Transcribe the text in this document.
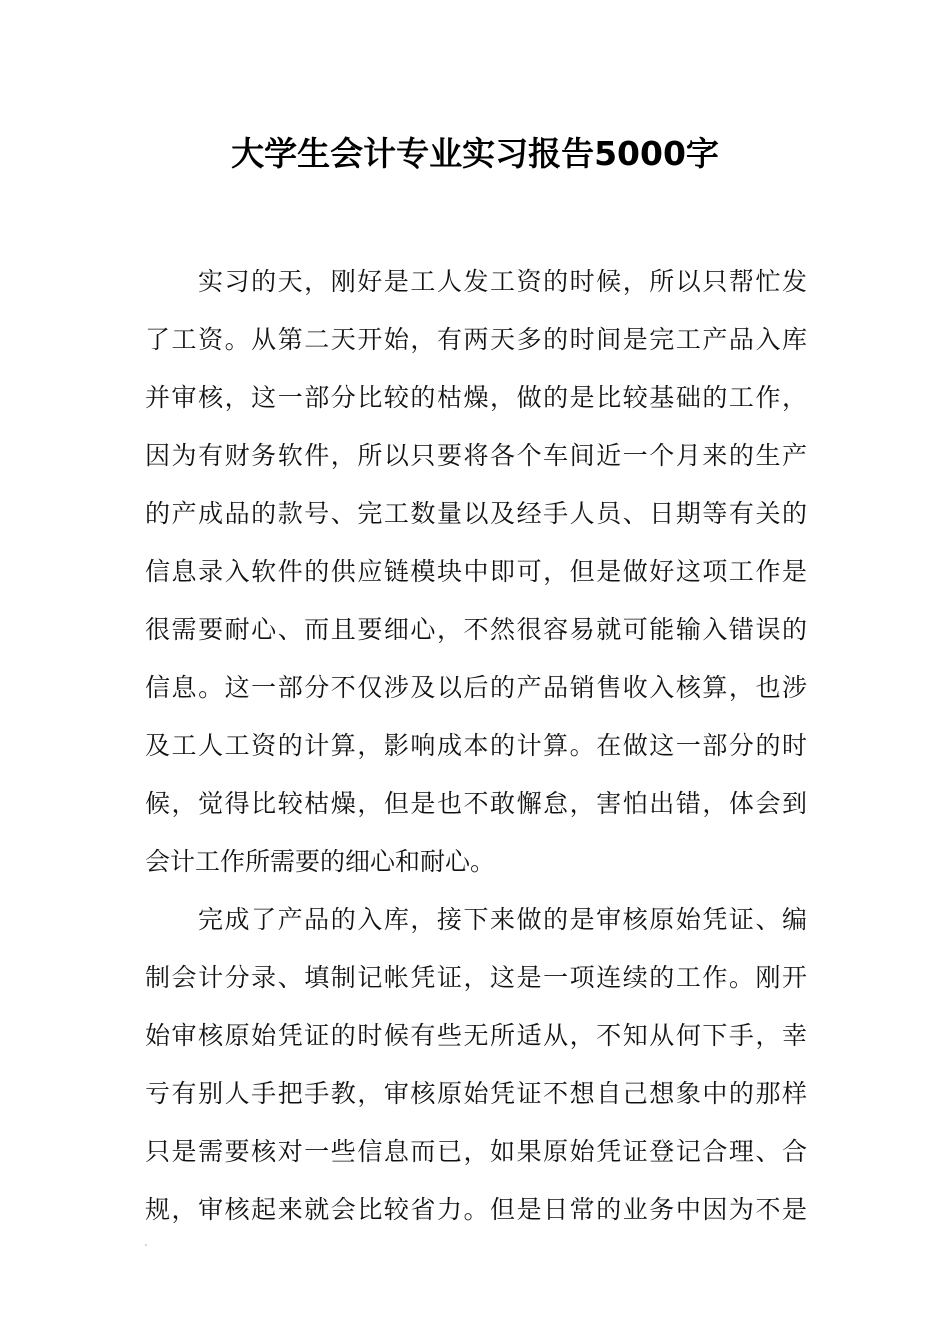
大学生会计专业实习报告5000字
实习的天，刚好是工人发工资的时候，所以只帮忙发
了工资。从第二天开始，有两天多的时间是完工产品入库
并审核，这一部分比较的枯燥，做的是比较基础的工作，
因为有财务软件，所以只要将各个车间近一个月来的生产
的产成品的款号、完工数量以及经手人员、日期等有关的
信息录入软件的供应链模块中即可，但是做好这项工作是
很需要耐心、而且要细心，不然很容易就可能输入错误的
信息。这一部分不仅涉及以后的产品销售收入核算，也涉
及工人工资的计算，影响成本的计算。在做这一部分的时
候，觉得比较枯燥，但是也不敢懈怠，害怕出错，体会到
会计工作所需要的细心和耐心。
完成了产品的入库，接下来做的是审核原始凭证、编
制会计分录、填制记帐凭证，这是一项连续的工作。刚开
始审核原始凭证的时候有些无所适从，不知从何下手，幸
亏有别人手把手教，审核原始凭证不想自己想象中的那样
只是需要核对一些信息而已，如果原始凭证登记合理、合
规，审核起来就会比较省力。但是日常的业务中因为不是
